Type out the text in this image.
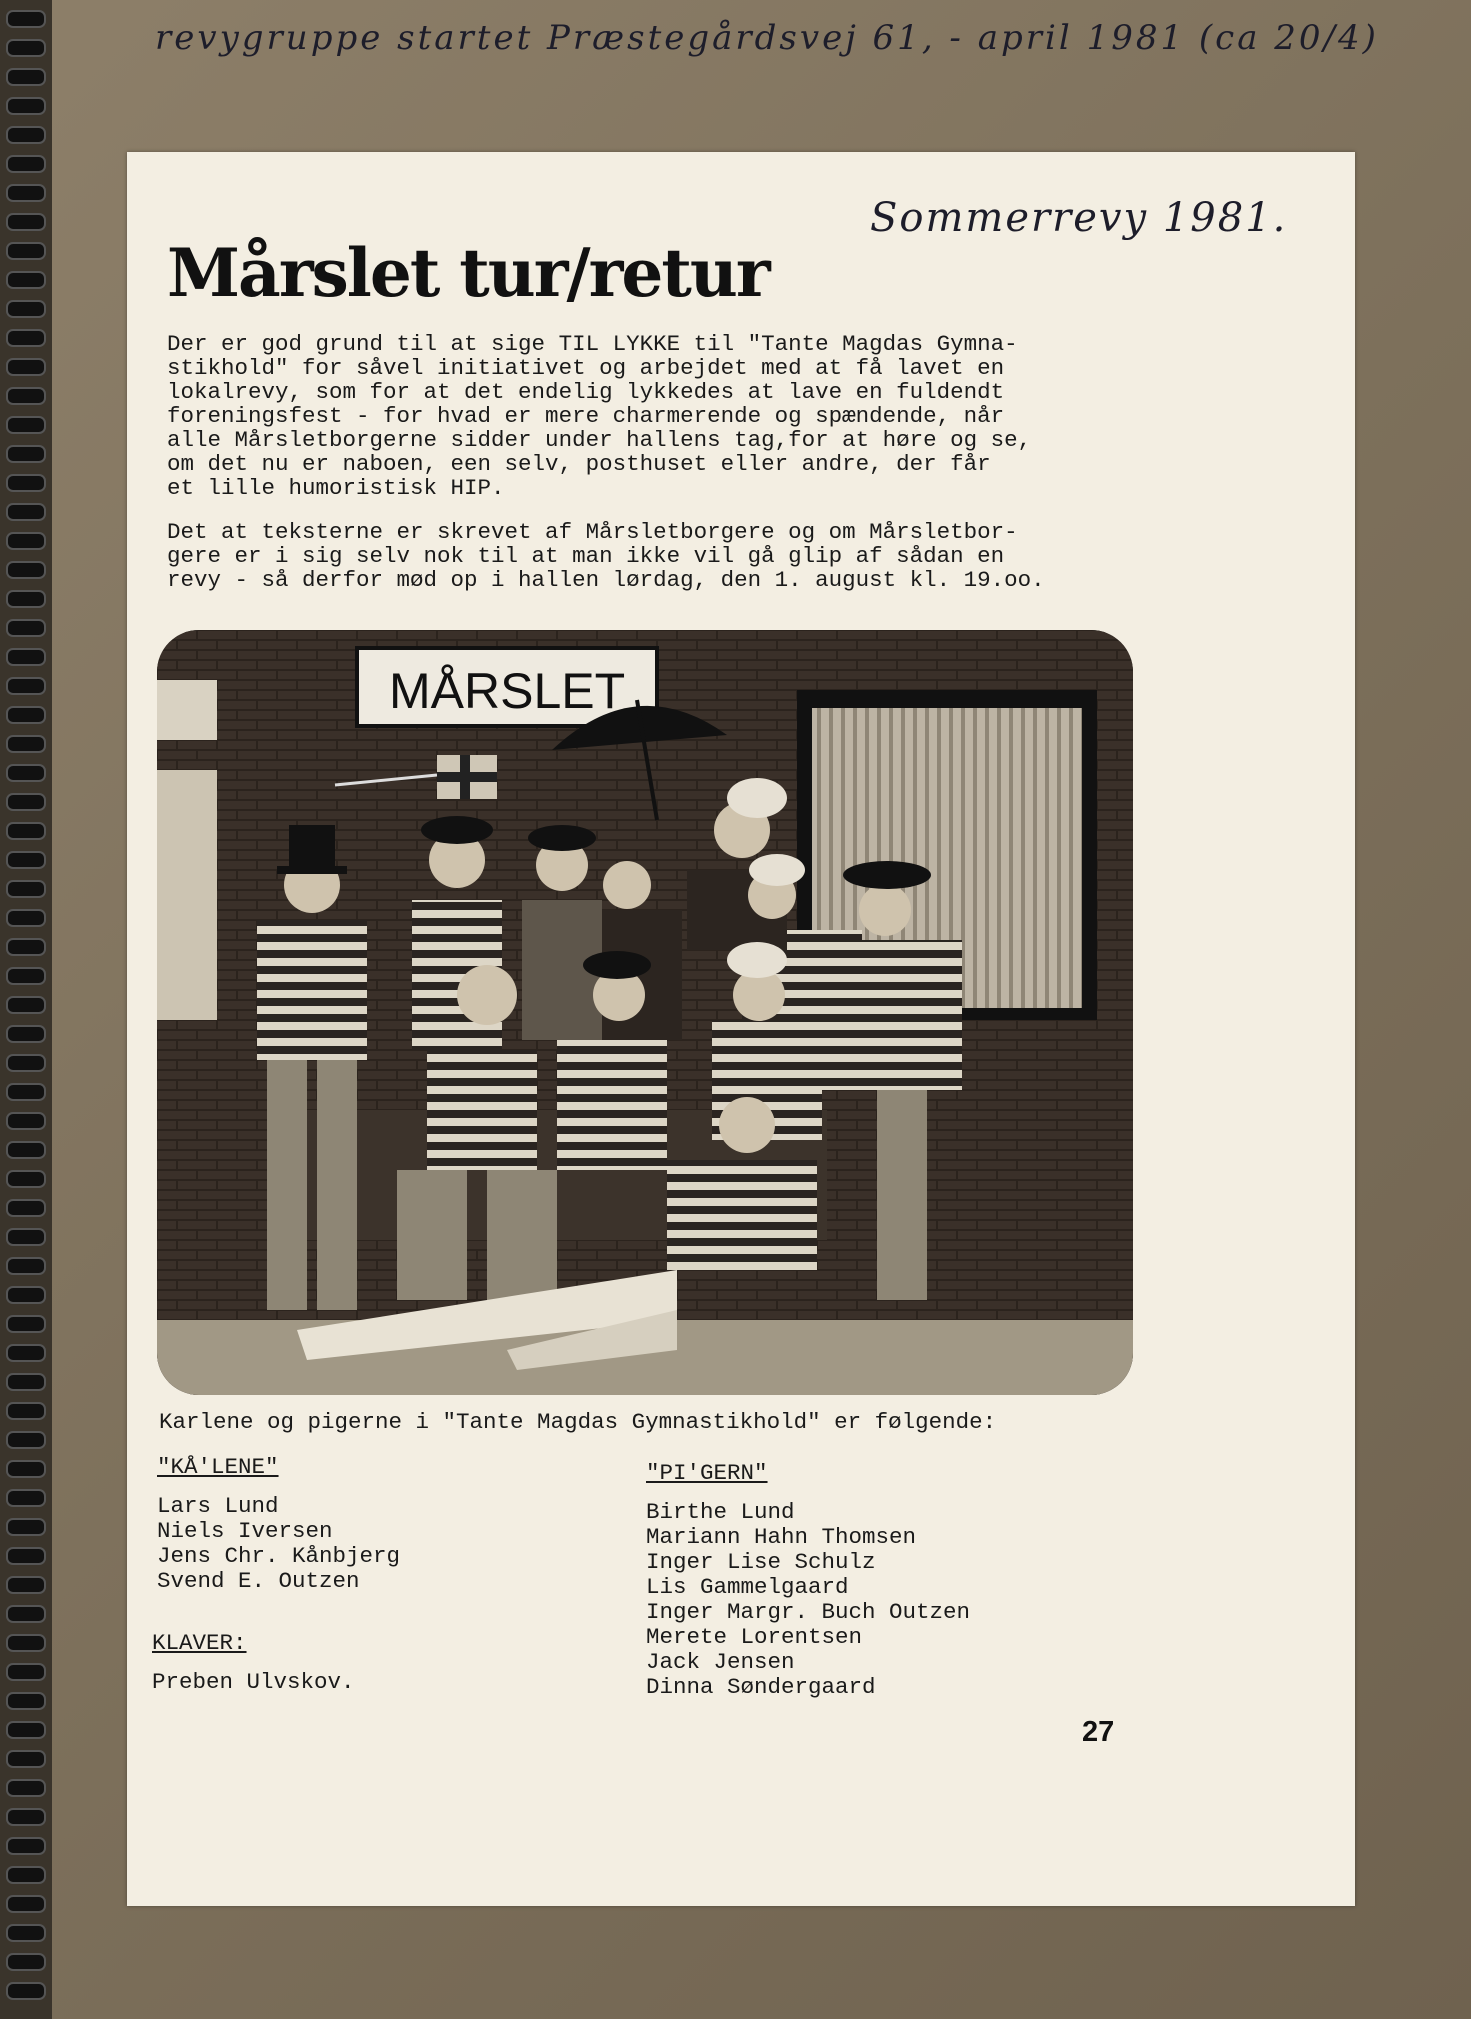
revygruppe startet Præstegårdsvej 61, - april 1981 (ca 20/4)
Mårslet tur/retur

Der er god grund til at sige TIL LYKKE til "Tante Magdas Gymna-
stikhold" for såvel initiativet og arbejdet med at få lavet en
lokalrevy, som for at det endelig lykkedes at lave en fuldendt
foreningsfest - for hvad er mere charmerende og spændende, når
alle Mårsletborgerne sidder under hallens tag,for at høre og se,
om det nu er naboen, een selv, posthuset eller andre, der får
et lille humoristisk HIP.

Det at teksterne er skrevet af Mårsletborgere og om Mårsletbor-
gere er i sig selv nok til at man ikke vil gå glip af sådan en
revy - så derfor mød op i hallen lørdag, den 1. august kl. 19.oo.

MÅRSLET

Karlene og pigerne i "Tante Magdas Gymnastikhold" er følgende:

"KÅ'LENE"
Lars Lund
Niels Iversen
Jens Chr. Kånbjerg
Svend E. Outzen
KLAVER:
Preben Ulvskov.
"PI'GERN"
Birthe Lund
Mariann Hahn Thomsen
Inger Lise Schulz
Lis Gammelgaard
Inger Margr. Buch Outzen
Merete Lorentsen
Jack Jensen
Dinna Søndergaard
27
Sommerrevy 1981.
